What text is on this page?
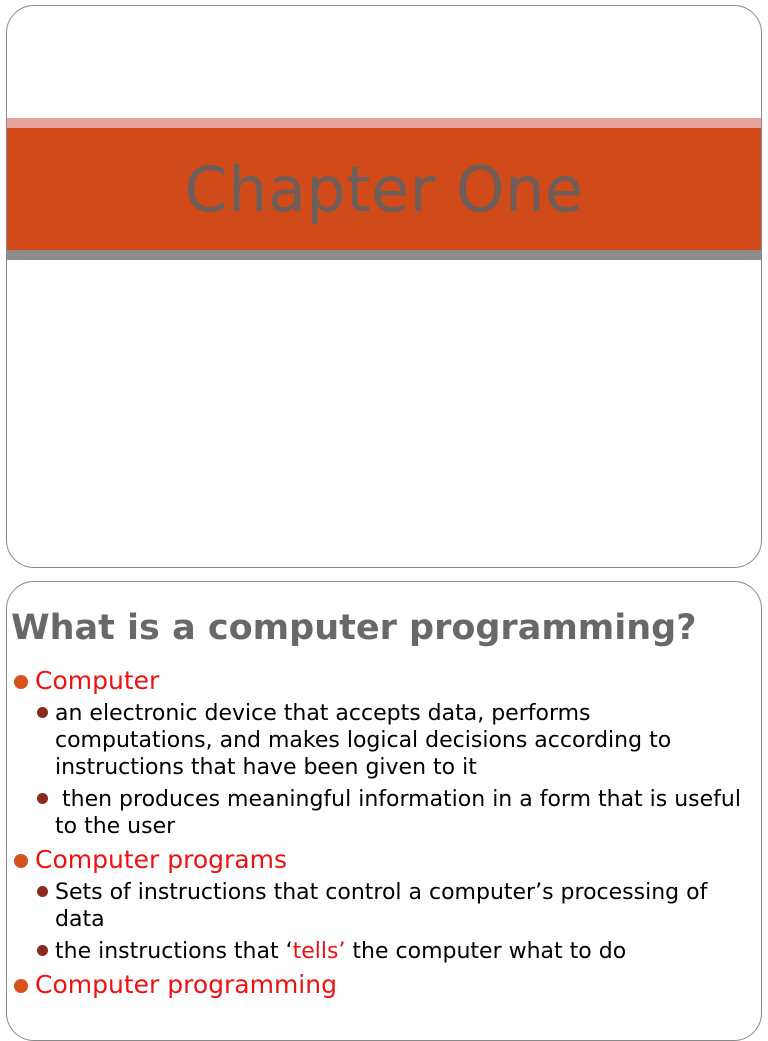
Chapter One
What is a computer programming?
Computer
an electronic device that accepts data, performs computations, and makes logical decisions according to instructions that have been given to it
then produces meaningful information in a form that is useful to the user
Computer programs
Sets of instructions that control a computer’s processing of data
the instructions that ‘tells’ the computer what to do
Computer programming
